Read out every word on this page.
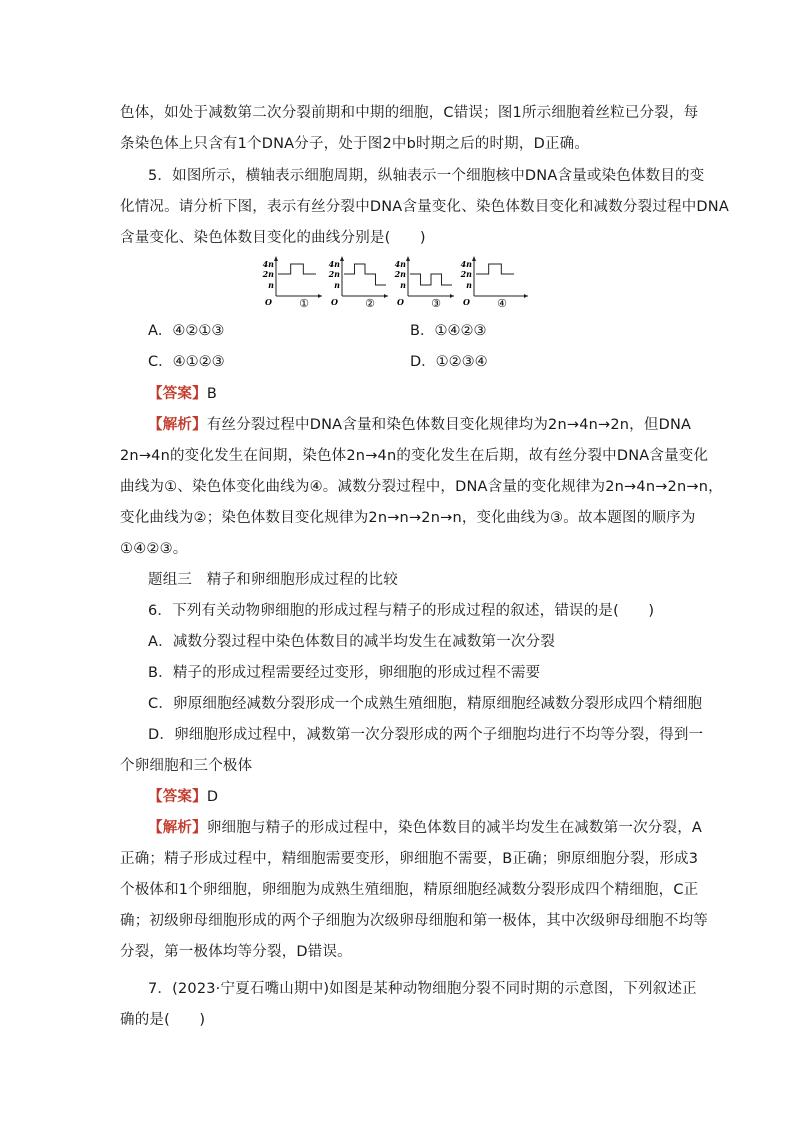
色体，如处于减数第二次分裂前期和中期的细胞，C错误；图1所示细胞着丝粒已分裂，每
条染色体上只含有1个DNA分子，处于图2中b时期之后的时期，D正确。
5．如图所示，横轴表示细胞周期，纵轴表示一个细胞核中DNA含量或染色体数目的变
化情况。请分析下图，表示有丝分裂中DNA含量变化、染色体数目变化和减数分裂过程中DNA
含量变化、染色体数目变化的曲线分别是(　　)
4n
2n
n
O ①
4n
2n
n
O ②
4n
2n
n
O ③
4n
2n
n
O ④
A．④②①③	B．①④②③
C．④①②③	D．①②③④
【答案】B
【解析】有丝分裂过程中DNA含量和染色体数目变化规律均为2n→4n→2n，但DNA
2n→4n的变化发生在间期，染色体2n→4n的变化发生在后期，故有丝分裂中DNA含量变化
曲线为①、染色体变化曲线为④。减数分裂过程中，DNA含量的变化规律为2n→4n→2n→n，
变化曲线为②；染色体数目变化规律为2n→n→2n→n，变化曲线为③。故本题图的顺序为
①④②③。
题组三　精子和卵细胞形成过程的比较
6．下列有关动物卵细胞的形成过程与精子的形成过程的叙述，错误的是(　　)
A．减数分裂过程中染色体数目的减半均发生在减数第一次分裂
B．精子的形成过程需要经过变形，卵细胞的形成过程不需要
C．卵原细胞经减数分裂形成一个成熟生殖细胞，精原细胞经减数分裂形成四个精细胞
D．卵细胞形成过程中，减数第一次分裂形成的两个子细胞均进行不均等分裂，得到一
个卵细胞和三个极体
【答案】D
【解析】卵细胞与精子的形成过程中，染色体数目的减半均发生在减数第一次分裂，A
正确；精子形成过程中，精细胞需要变形，卵细胞不需要，B正确；卵原细胞分裂，形成3
个极体和1个卵细胞，卵细胞为成熟生殖细胞，精原细胞经减数分裂形成四个精细胞，C正
确；初级卵母细胞形成的两个子细胞为次级卵母细胞和第一极体，其中次级卵母细胞不均等
分裂，第一极体均等分裂，D错误。
7．(2023·宁夏石嘴山期中)如图是某种动物细胞分裂不同时期的示意图，下列叙述正
确的是(　　)
